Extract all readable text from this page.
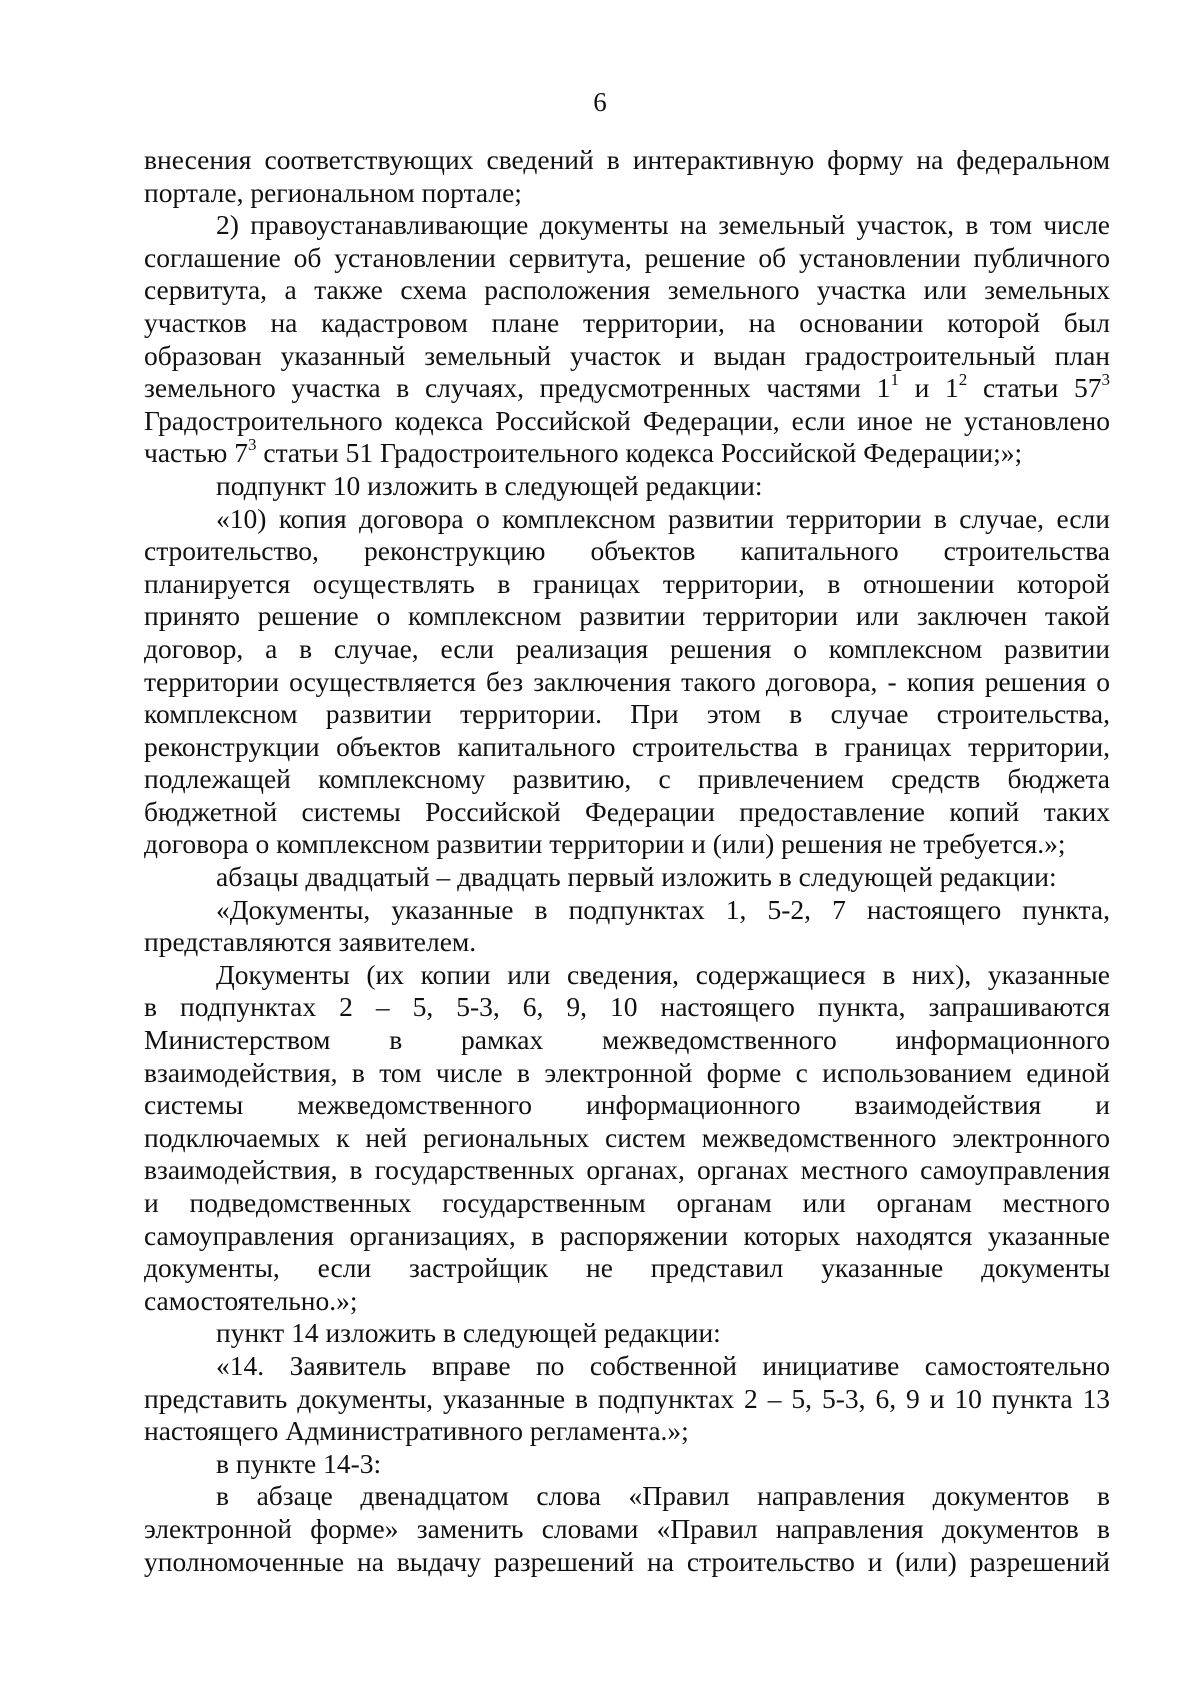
6
внесения соответствующих сведений в интерактивную форму на федеральном
портале, региональном портале;
2) правоустанавливающие документы на земельный участок, в том числе
соглашение об установлении сервитута, решение об установлении публичного
сервитута, а также схема расположения земельного участка или земельных
участков на кадастровом плане территории, на основании которой был
образован указанный земельный участок и выдан градостроительный план
земельного участка в случаях, предусмотренных частями $1^1$ и $1^2$ статьи $57^3$
Градостроительного кодекса Российской Федерации, если иное не установлено
частью $7^3$ статьи 51 Градостроительного кодекса Российской Федерации;»;
подпункт 10 изложить в следующей редакции:
«10) копия договора о комплексном развитии территории в случае, если
строительство, реконструкцию объектов капитального строительства
планируется осуществлять в границах территории, в отношении которой
принято решение о комплексном развитии территории или заключен такой
договор, а в случае, если реализация решения о комплексном развитии
территории осуществляется без заключения такого договора, - копия решения о
комплексном развитии территории. При этом в случае строительства,
реконструкции объектов капитального строительства в границах территории,
подлежащей комплексному развитию, с привлечением средств бюджета
бюджетной системы Российской Федерации предоставление копий таких
договора о комплексном развитии территории и (или) решения не требуется.»;
абзацы двадцатый – двадцать первый изложить в следующей редакции:
«Документы, указанные в подпунктах 1, 5-2, 7 настоящего пункта,
представляются заявителем.
Документы (их копии или сведения, содержащиеся в них), указанные
в подпунктах 2 – 5, 5-3, 6, 9, 10 настоящего пункта, запрашиваются
Министерством в рамках межведомственного информационного
взаимодействия, в том числе в электронной форме с использованием единой
системы межведомственного информационного взаимодействия и
подключаемых к ней региональных систем межведомственного электронного
взаимодействия, в государственных органах, органах местного самоуправления
и подведомственных государственным органам или органам местного
самоуправления организациях, в распоряжении которых находятся указанные
документы, если застройщик не представил указанные документы
самостоятельно.»;
пункт 14 изложить в следующей редакции:
«14. Заявитель вправе по собственной инициативе самостоятельно
представить документы, указанные в подпунктах 2 – 5, 5-3, 6, 9 и 10 пункта 13
настоящего Административного регламента.»;
в пункте 14-3:
в абзаце двенадцатом слова «Правил направления документов в
электронной форме» заменить словами «Правил направления документов в
уполномоченные на выдачу разрешений на строительство и (или) разрешений
